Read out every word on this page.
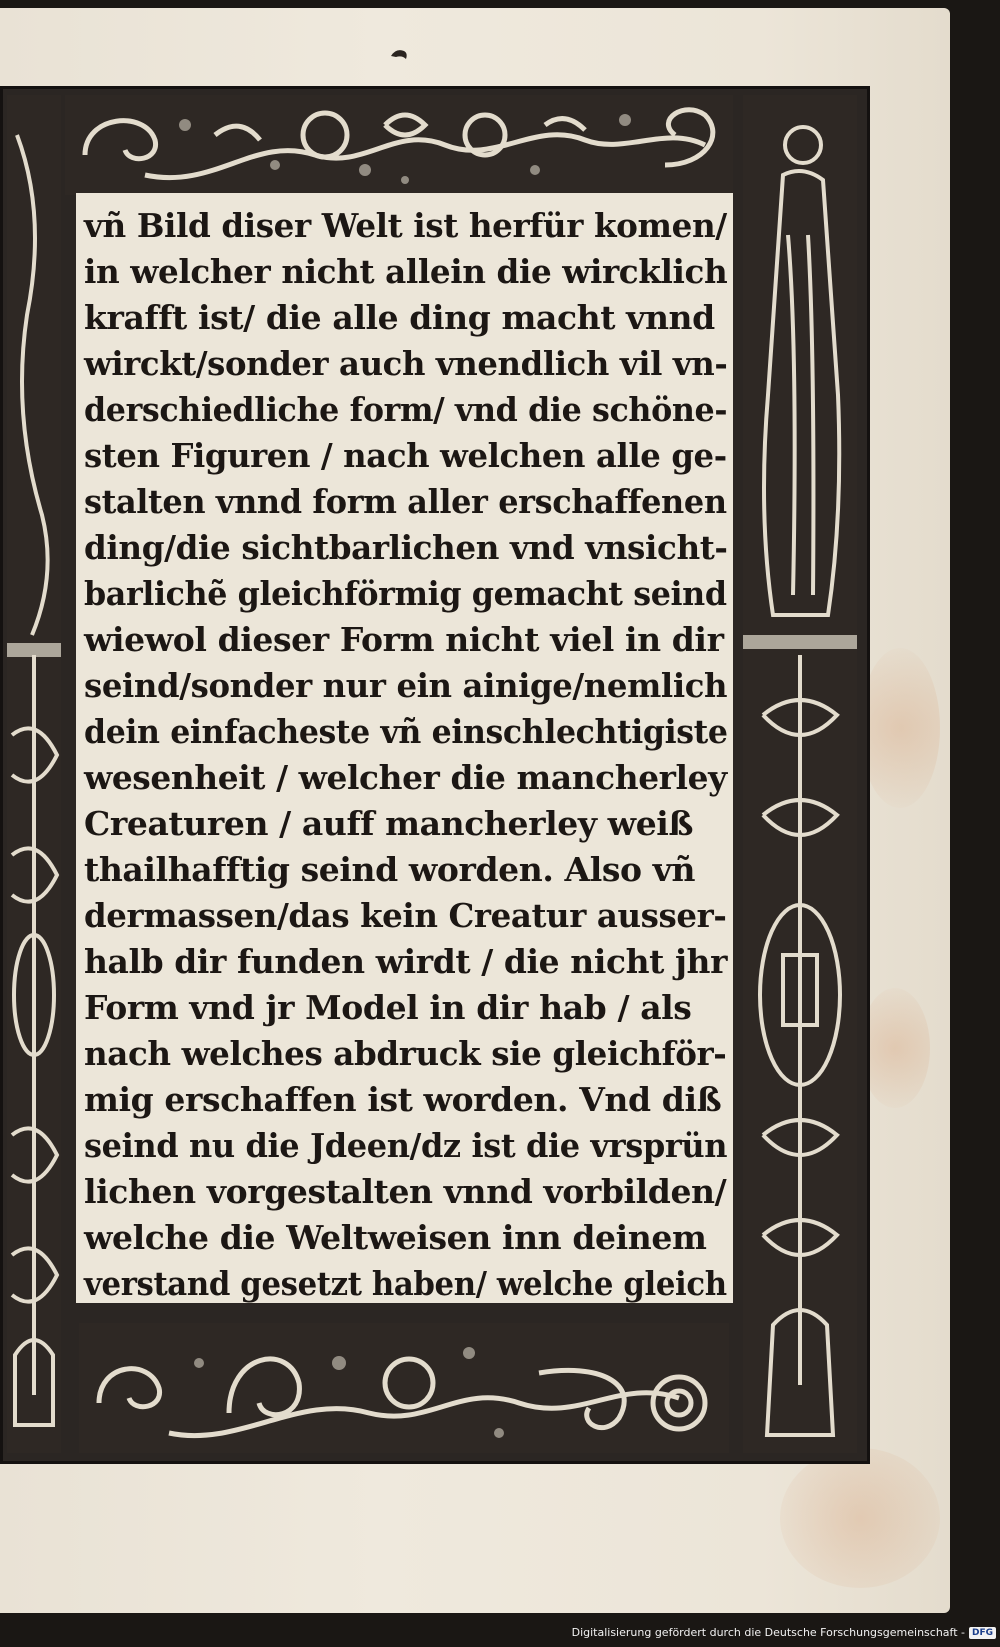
vñ Bild diser Welt ist herfür komen/
in welcher nicht allein die wircklich
krafft ist/ die alle ding macht vnnd
wirckt/sonder auch vnendlich vil vn-
derschiedliche form/ vnd die schöne-
sten Figuren / nach welchen alle ge-
stalten vnnd form aller erschaffenen
ding/die sichtbarlichen vnd vnsicht-
barlichẽ gleichförmig gemacht seind
wiewol dieser Form nicht viel in dir
seind/sonder nur ein ainige/nemlich
dein einfacheste vñ einschlechtigiste
wesenheit / welcher die mancherley
Creaturen / auff mancherley weiß
thailhafftig seind worden. Also vñ
dermassen/das kein Creatur ausser-
halb dir funden wirdt / die nicht jhr
Form vnd jr Model in dir hab / als
nach welches abdruck sie gleichför-
mig erschaffen ist worden. Vnd diß
seind nu die Jdeen/dz ist die vrsprün
lichen vorgestalten vnnd vorbilden/
welche die Weltweisen inn deinem
verstand gesetzt haben/ welche gleich
Digitalisierung gefördert durch die Deutsche Forschungsgemeinschaft - DFG
